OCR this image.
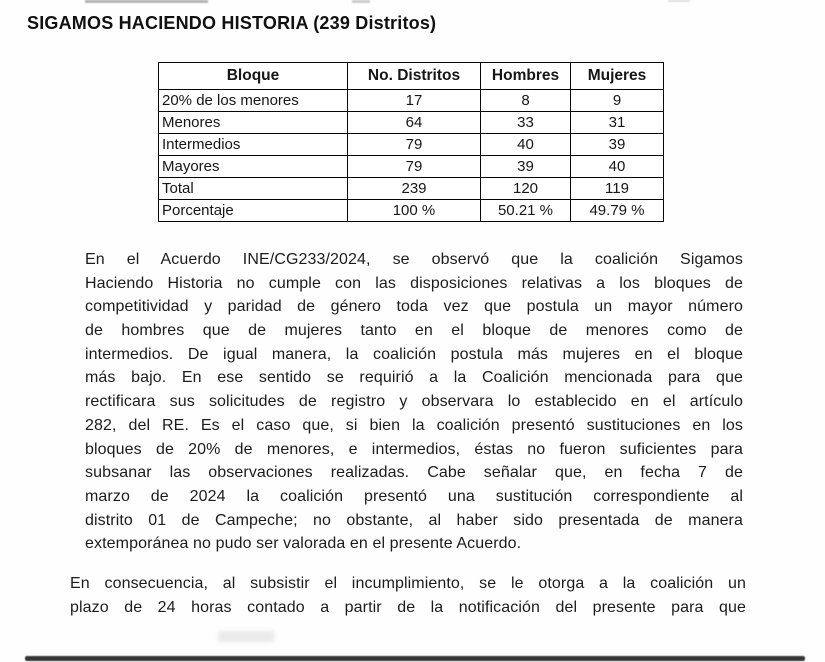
SIGAMOS HACIENDO HISTORIA (239 Distritos)
Bloque	No. Distritos	Hombres	Mujeres
20% de los menores	17	8	9
Menores	64	33	31
Intermedios	79	40	39
Mayores	79	39	40
Total	239	120	119
Porcentaje	100 %	50.21 %	49.79 %
En el Acuerdo INE/CG233/2024, se observó que la coalición Sigamos
Haciendo Historia no cumple con las disposiciones relativas a los bloques de
competitividad y paridad de género toda vez que postula un mayor número
de hombres que de mujeres tanto en el bloque de menores como de
intermedios. De igual manera, la coalición postula más mujeres en el bloque
más bajo. En ese sentido se requirió a la Coalición mencionada para que
rectificara sus solicitudes de registro y observara lo establecido en el artículo
282, del RE. Es el caso que, si bien la coalición presentó sustituciones en los
bloques de 20% de menores, e intermedios, éstas no fueron suficientes para
subsanar las observaciones realizadas. Cabe señalar que, en fecha 7 de
marzo de 2024 la coalición presentó una sustitución correspondiente al
distrito 01 de Campeche; no obstante, al haber sido presentada de manera
extemporánea no pudo ser valorada en el presente Acuerdo.
En consecuencia, al subsistir el incumplimiento, se le otorga a la coalición un
plazo de 24 horas contado a partir de la notificación del presente para que
